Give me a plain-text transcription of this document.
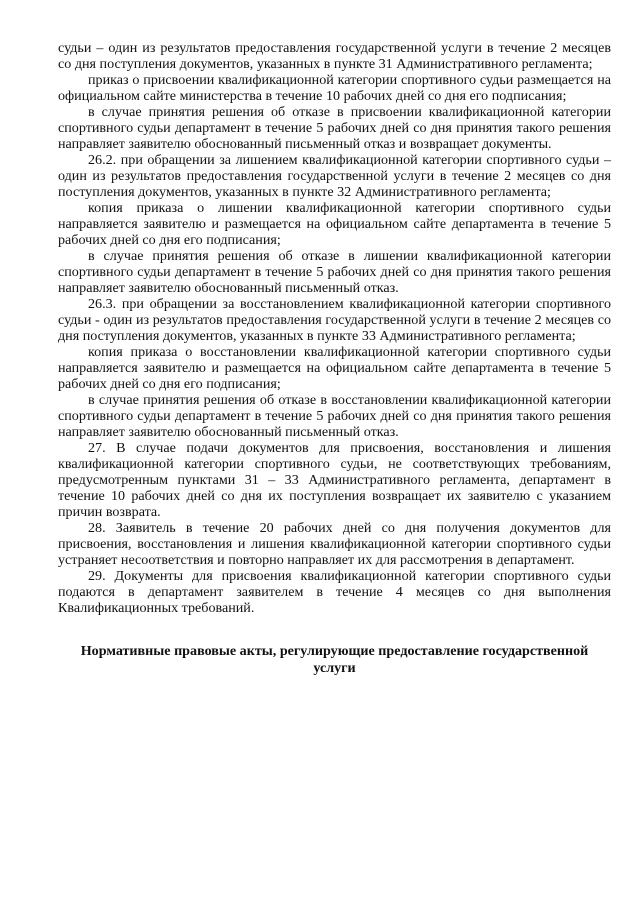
судьи – один из результатов предоставления государственной услуги в течение 2 месяцев со дня поступления документов, указанных в пункте 31 Административного регламента;

приказ о присвоении квалификационной категории спортивного судьи размещается на официальном сайте министерства в течение 10 рабочих дней со дня его подписания;

в случае принятия решения об отказе в присвоении квалификационной категории спортивного судьи департамент в течение 5 рабочих дней со дня принятия такого решения направляет заявителю обоснованный письменный отказ и возвращает документы.

26.2. при обращении за лишением квалификационной категории спортивного судьи – один из результатов предоставления государственной услуги в течение 2 месяцев со дня поступления документов, указанных в пункте 32 Административного регламента;

копия приказа о лишении квалификационной категории спортивного судьи направляется заявителю и размещается на официальном сайте департамента в течение 5 рабочих дней со дня его подписания;

в случае принятия решения об отказе в лишении квалификационной категории спортивного судьи департамент в течение 5 рабочих дней со дня принятия такого решения направляет заявителю обоснованный письменный отказ.

26.3. при обращении за восстановлением квалификационной категории спортивного судьи - один из результатов предоставления государственной услуги в течение 2 месяцев со дня поступления документов, указанных в пункте 33 Административного регламента;

копия приказа о восстановлении квалификационной категории спортивного судьи направляется заявителю и размещается на официальном сайте департамента в течение 5 рабочих дней со дня его подписания;

в случае принятия решения об отказе в восстановлении квалификационной категории спортивного судьи департамент в течение 5 рабочих дней со дня принятия такого решения направляет заявителю обоснованный письменный отказ.

27. В случае подачи документов для присвоения, восстановления и лишения квалификационной категории спортивного судьи, не соответствующих требованиям, предусмотренным пунктами 31 – 33 Административного регламента, департамент в течение 10 рабочих дней со дня их поступления возвращает их заявителю с указанием причин возврата.

28. Заявитель в течение 20 рабочих дней со дня получения документов для присвоения, восстановления и лишения квалификационной категории спортивного судьи устраняет несоответствия и повторно направляет их для рассмотрения в департамент.

29. Документы для присвоения квалификационной категории спортивного судьи подаются в департамент заявителем в течение 4 месяцев со дня выполнения Квалификационных требований.

Нормативные правовые акты, регулирующие предоставление государственной услуги
